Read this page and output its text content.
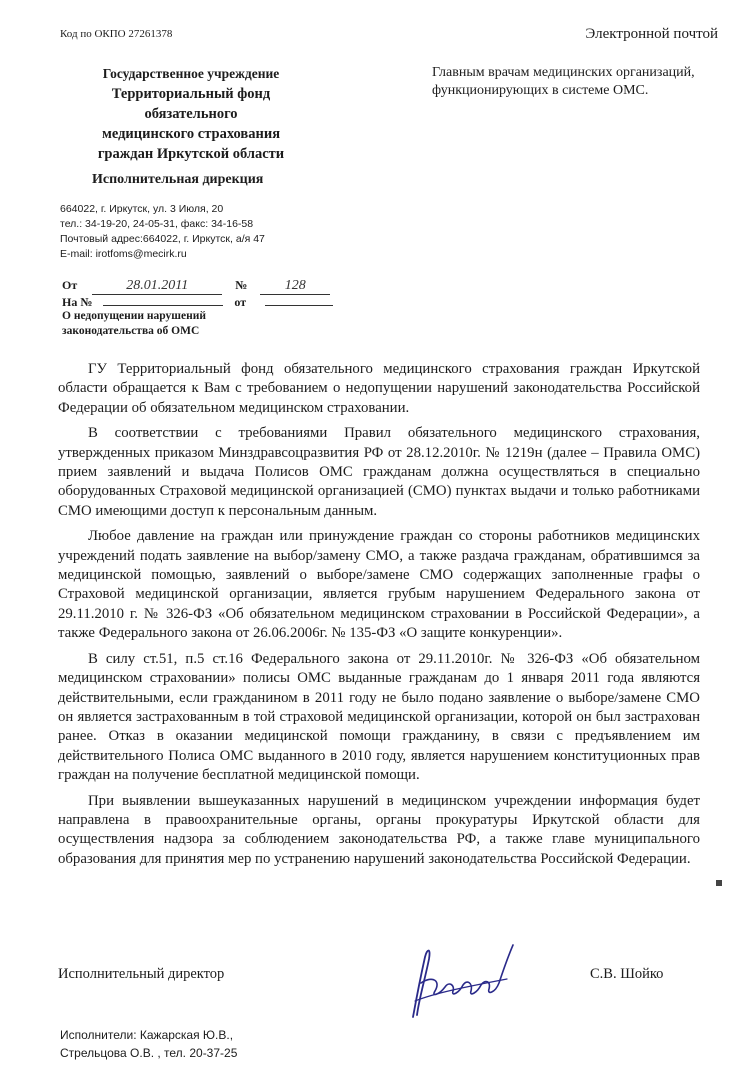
Код по ОКПО 27261378	Электронной почтой
Государственное учреждение
Территориальный фонд
обязательного
медицинского страхования
граждан Иркутской области
Исполнительная дирекция
664022, г. Иркутск, ул. 3 Июля, 20
тел.: 34-19-20, 24-05-31, факс: 34-16-58
Почтовый адрес:664022, г. Иркутск, а/я 47
E-mail: irotfoms@mecirk.ru
Главным врачам медицинских организаций, функционирующих в системе ОМС.
От	28.01.2011	№	128
На №	от
О недопущении нарушений
законодательства об ОМС

ГУ Территориальный фонд обязательного медицинского страхования граждан Иркутской области обращается к Вам с требованием о недопущении нарушений законодательства Российской Федерации об обязательном медицинском страховании.

В соответствии с требованиями Правил обязательного медицинского страхования, утвержденных приказом Минздравсоцразвития РФ от 28.12.2010г. № 1219н (далее – Правила ОМС) прием заявлений и выдача Полисов ОМС гражданам должна осуществляться в специально оборудованных Страховой медицинской организацией (СМО) пунктах выдачи и только работниками СМО имеющими доступ к персональным данным.

Любое давление на граждан или принуждение граждан со стороны работников медицинских учреждений подать заявление на выбор/замену СМО, а также раздача гражданам, обратившимся за медицинской помощью, заявлений о выборе/замене СМО содержащих заполненные графы о Страховой медицинской организации, является грубым нарушением Федерального закона от 29.11.2010 г. № 326-ФЗ «Об обязательном медицинском страховании в Российской Федерации», а также Федерального закона от 26.06.2006г. № 135-ФЗ «О защите конкуренции».

В силу ст.51, п.5 ст.16 Федерального закона от 29.11.2010г. № 326-ФЗ «Об обязательном медицинском страховании» полисы ОМС выданные гражданам до 1 января 2011 года являются действительными, если гражданином в 2011 году не было подано заявление о выборе/замене СМО он является застрахованным в той страховой медицинской организации, которой он был застрахован ранее. Отказ в оказании медицинской помощи гражданину, в связи с предъявлением им действительного Полиса ОМС выданного в 2010 году, является нарушением конституционных прав граждан на получение бесплатной медицинской помощи.

При выявлении вышеуказанных нарушений в медицинском учреждении информация будет направлена в правоохранительные органы, органы прокуратуры Иркутской области для осуществления надзора за соблюдением законодательства РФ, а также главе муниципального образования для принятия мер по устранению нарушений законодательства Российской Федерации.

Исполнительный директор	С.В. Шойко
Исполнители: Кажарская Ю.В.,
Стрельцова О.В. , тел. 20-37-25
